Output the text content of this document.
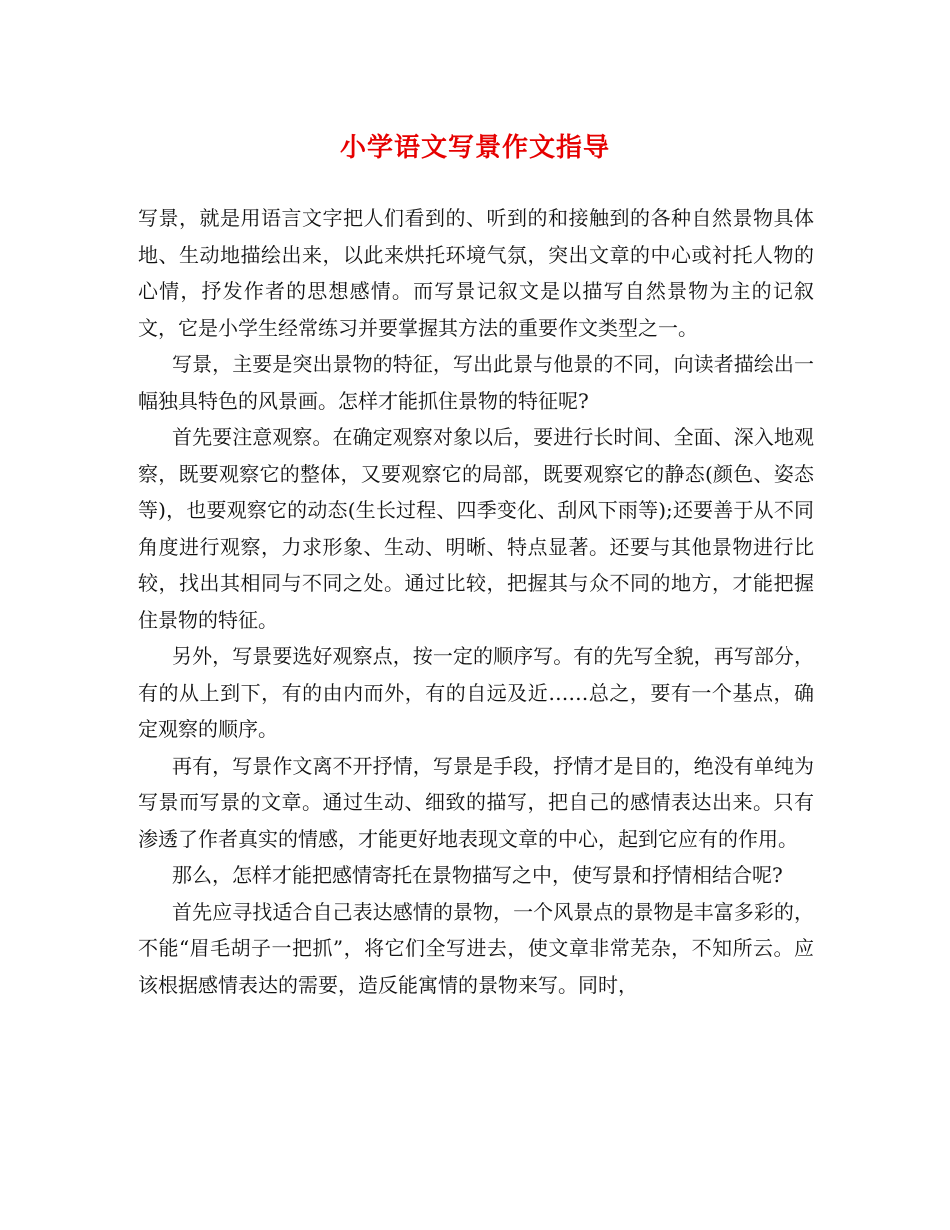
小学语文写景作文指导

写景，就是用语言文字把人们看到的、听到的和接触到的各种自然景物具体地、生动地描绘出来，以此来烘托环境气氛，突出文章的中心或衬托人物的心情，抒发作者的思想感情。而写景记叙文是以描写自然景物为主的记叙文，它是小学生经常练习并要掌握其方法的重要作文类型之一。

写景，主要是突出景物的特征，写出此景与他景的不同，向读者描绘出一幅独具特色的风景画。怎样才能抓住景物的特征呢?

首先要注意观察。在确定观察对象以后，要进行长时间、全面、深入地观察，既要观察它的整体，又要观察它的局部，既要观察它的静态(颜色、姿态等)，也要观察它的动态(生长过程、四季变化、刮风下雨等);还要善于从不同角度进行观察，力求形象、生动、明晰、特点显著。还要与其他景物进行比较，找出其相同与不同之处。通过比较，把握其与众不同的地方，才能把握住景物的特征。

另外，写景要选好观察点，按一定的顺序写。有的先写全貌，再写部分，有的从上到下，有的由内而外，有的自远及近……总之，要有一个基点，确定观察的顺序。

再有，写景作文离不开抒情，写景是手段，抒情才是目的，绝没有单纯为写景而写景的文章。通过生动、细致的描写，把自己的感情表达出来。只有渗透了作者真实的情感，才能更好地表现文章的中心，起到它应有的作用。

那么，怎样才能把感情寄托在景物描写之中，使写景和抒情相结合呢?

首先应寻找适合自己表达感情的景物，一个风景点的景物是丰富多彩的，不能“眉毛胡子一把抓”，将它们全写进去，使文章非常芜杂，不知所云。应该根据感情表达的需要，造反能寓情的景物来写。同时，
